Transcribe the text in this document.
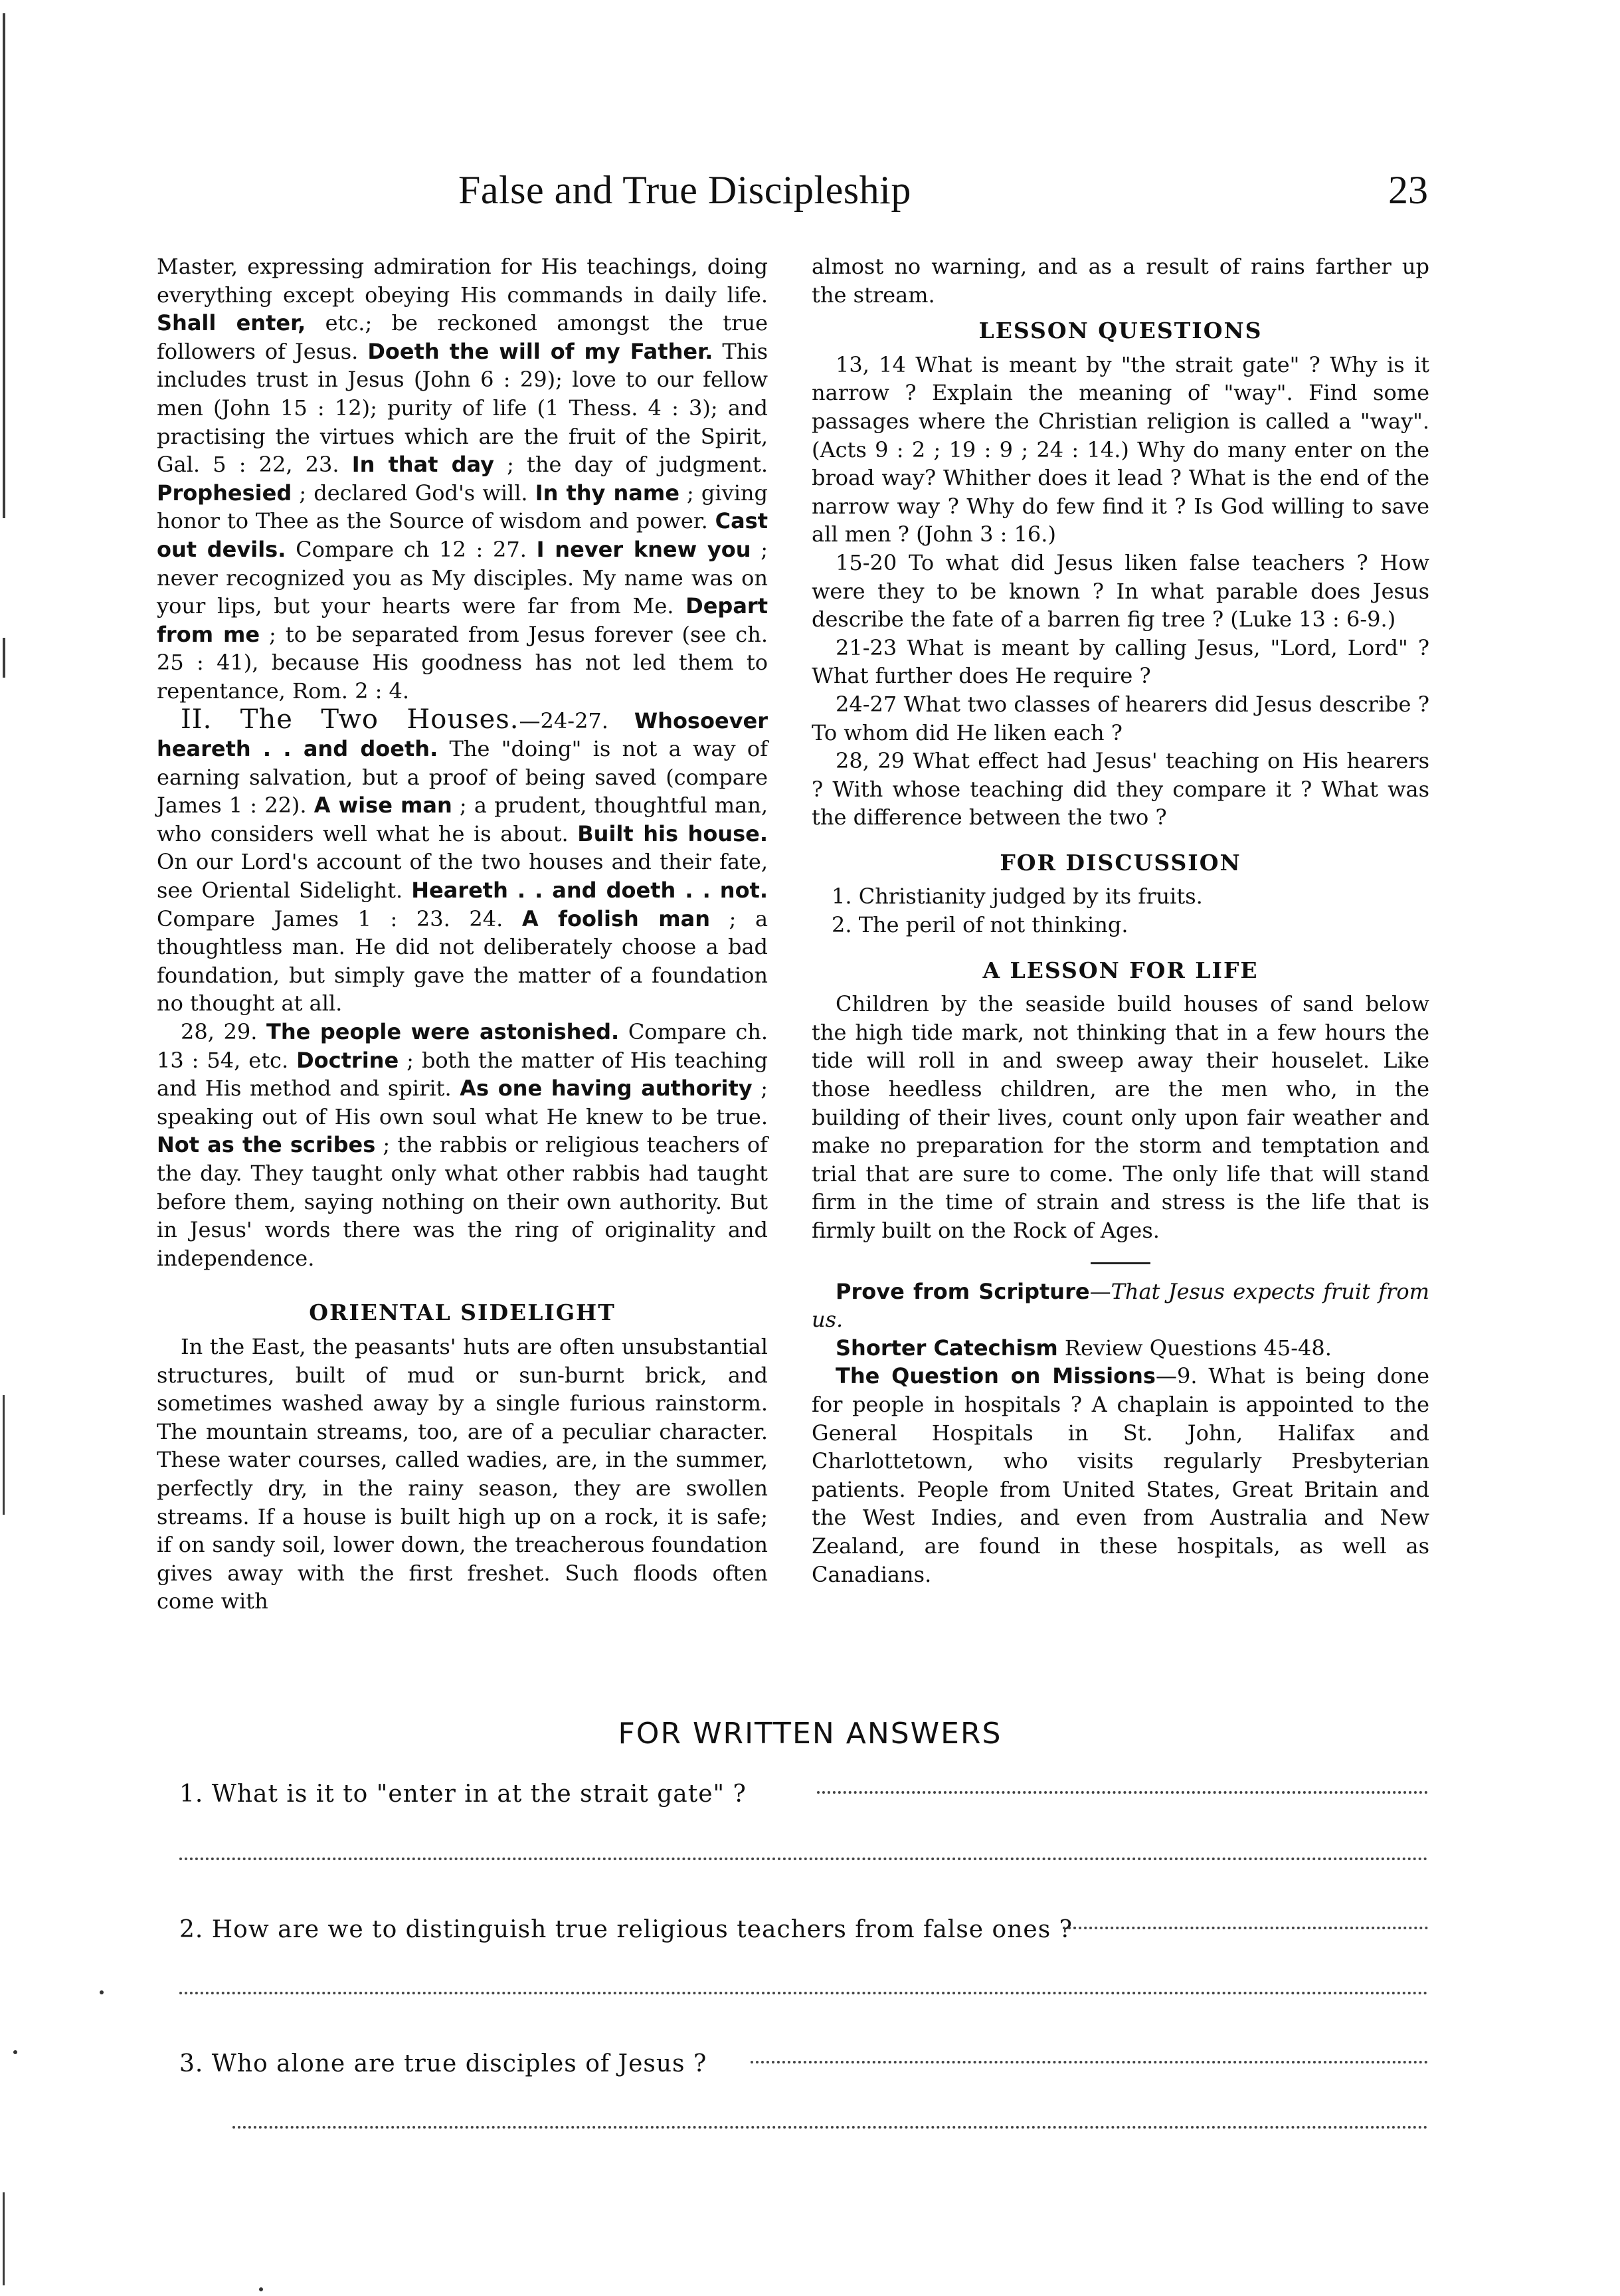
False and True Discipleship	23

Master, expressing admiration for His teachings, doing everything except obeying His commands in daily life. Shall enter, etc.; be reckoned amongst the true followers of Jesus. Doeth the will of my Father. This includes trust in Jesus (John 6 : 29); love to our fellow men (John 15 : 12); purity of life (1 Thess. 4 : 3); and practising the virtues which are the fruit of the Spirit, Gal. 5 : 22, 23. In that day ; the day of judgment. Prophesied ; declared God's will. In thy name ; giving honor to Thee as the Source of wisdom and power. Cast out devils. Compare ch 12 : 27. I never knew you ; never recognized you as My disciples. My name was on your lips, but your hearts were far from Me. Depart from me ; to be separated from Jesus forever (see ch. 25 : 41), because His goodness has not led them to repentance, Rom. 2 : 4.

II. The Two Houses.—24-27. Whosoever heareth . . and doeth. The "doing" is not a way of earning salvation, but a proof of being saved (compare James 1 : 22). A wise man ; a prudent, thoughtful man, who considers well what he is about. Built his house. On our Lord's account of the two houses and their fate, see Oriental Sidelight. Heareth . . and doeth . . not. Compare James 1 : 23. 24. A foolish man ; a thoughtless man. He did not deliberately choose a bad foundation, but simply gave the matter of a foundation no thought at all.

28, 29. The people were astonished. Compare ch. 13 : 54, etc. Doctrine ; both the matter of His teaching and His method and spirit. As one having authority ; speaking out of His own soul what He knew to be true. Not as the scribes ; the rabbis or religious teachers of the day. They taught only what other rabbis had taught before them, saying nothing on their own authority. But in Jesus' words there was the ring of originality and independence.

ORIENTAL SIDELIGHT

In the East, the peasants' huts are often unsubstantial structures, built of mud or sun-burnt brick, and sometimes washed away by a single furious rainstorm. The mountain streams, too, are of a peculiar character. These water courses, called wadies, are, in the summer, perfectly dry, in the rainy season, they are swollen streams. If a house is built high up on a rock, it is safe; if on sandy soil, lower down, the treacherous foundation gives away with the first freshet. Such floods often come with

almost no warning, and as a result of rains farther up the stream.

LESSON QUESTIONS

13, 14 What is meant by "the strait gate" ? Why is it narrow ? Explain the meaning of "way". Find some passages where the Christian religion is called a "way". (Acts 9 : 2 ; 19 : 9 ; 24 : 14.) Why do many enter on the broad way? Whither does it lead ? What is the end of the narrow way ? Why do few find it ? Is God willing to save all men ? (John 3 : 16.)

15-20 To what did Jesus liken false teachers ? How were they to be known ? In what parable does Jesus describe the fate of a barren fig tree ? (Luke 13 : 6-9.)

21-23 What is meant by calling Jesus, "Lord, Lord" ? What further does He require ?

24-27 What two classes of hearers did Jesus describe ? To whom did He liken each ?

28, 29 What effect had Jesus' teaching on His hearers ? With whose teaching did they compare it ? What was the difference between the two ?

FOR DISCUSSION
1. Christianity judged by its fruits.
2. The peril of not thinking.
A LESSON FOR LIFE

Children by the seaside build houses of sand below the high tide mark, not thinking that in a few hours the tide will roll in and sweep away their houselet. Like those heedless children, are the men who, in the building of their lives, count only upon fair weather and make no preparation for the storm and temptation and trial that are sure to come. The only life that will stand firm in the time of strain and stress is the life that is firmly built on the Rock of Ages.

Prove from Scripture—That Jesus expects fruit from us.

Shorter Catechism Review Questions 45-48.

The Question on Missions—9. What is being done for people in hospitals ? A chaplain is appointed to the General Hospitals in St. John, Halifax and Charlottetown, who visits regularly Presbyterian patients. People from United States, Great Britain and the West Indies, and even from Australia and New Zealand, are found in these hospitals, as well as Canadians.

FOR WRITTEN ANSWERS
1. What is it to "enter in at the strait gate" ?
2. How are we to distinguish true religious teachers from false ones ?
3. Who alone are true disciples of Jesus ?
